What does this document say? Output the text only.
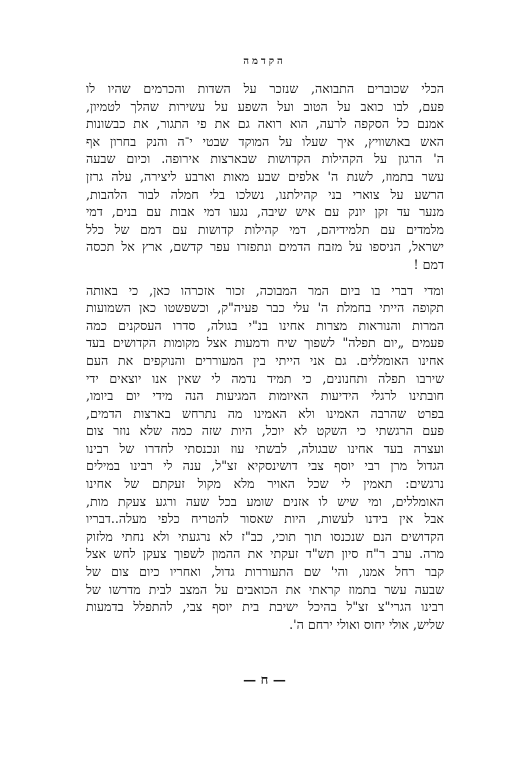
הקדמה
הכלי שכוברים התבואה, שנזכר על השדות והכרמים שהיו לו
פעם, לבו כואב על הטוב ועל השפע על עשירות שהלך לטמיון,
אמנם כל הסקפה לרעה, הוא רואה גם את פי התגור, את כבשונות
האש באושוויץ, איך שעלו על המוקד שבטי י־ה והנק בחרון אף
ה' הרגון על הקהילות הקדושות שבארצות אירופה. וכיום שבעה
עשר בתמוז, לשנת ה' אלפים שבע מאות וארבע ליצירה, עלה גרזן
הרשע על צוארי בני קהילתנו, נשלכו בלי חמלה לבור הלהבות,
מנער עד זקן יונק עם איש שיבה, נגעו דמי אבות עם בנים, דמי
מלמדים עם תלמידיהם, דמי קהילות קדושות עם דמם של כלל
ישראל, הניספו על מזבח הדמים ונתפזרו עפר קדשם, ארץ אל תכסה
דמם !
ומדי דברי בו ביום המר המבוכה, זכור אזכרהו כאן, כי באותה
תקופה הייתי בחמלת ה' עלי כבר פעיה"ק, וכשפשטו כאן השמועות
המרות והנוראות מצרות אחינו בנ"י בגולה, סדרו העסקנים כמה
פעמים „יום תפלה" לשפוך שיח ודמעות אצל מקומות הקדושים בעד
אחינו האומללים. גם אני הייתי בין המעוררים והנוקפים את העם
שירבו תפלה ותחנונים, כי תמיד נדמה לי שאין אנו יוצאים ידי
חובתינו לרגלי הידיעות האיומות המגיעות הנה מידי יום ביומו,
בפרט שהרבה האמינו ולא האמינו מה נתרחש בארצות הדמים,
פעם הרגשתי כי השקט לא יוכל, היות שזה כמה שלא נוזר צום
ועצרה בעד אחינו שבגולה, לבשתי עוז ונכנסתי לחדרו של רבינו
הגדול מרן רבי יוסף צבי דושינסקיא זצ"ל, ענה לי רבינו במילים
נרגשים: תאמין לי שכל האויר מלא מקול זעקתם של אחינו
האומללים, ומי שיש לו אזנים שומע בכל שעה ורגע צעקת מות,
אבל אין בידנו לעשות, היות שאסור להטריח כלפי מעלה..דבריו
הקדושים הנם שנכנסו תוך תוכי, כב"ז לא נרגעתי ולא נחתי מלזוק
מרה. ערב ר"ח סיון תש"ד זעקתי את ההמון לשפוך צעקן לחש אצל
קבר רחל אמנו, והי' שם התעוררות גדול, ואחריו כיום צום של
שבעה עשר בתמוז קראתי את הכואבים על המצב לבית מדרשו של
רבינו הגרי"צ זצ"ל בהיכל ישיבת בית יוסף צבי, להתפלל בדמעות
שליש, אולי יחוס ואולי ירחם ה'.
— ח —
